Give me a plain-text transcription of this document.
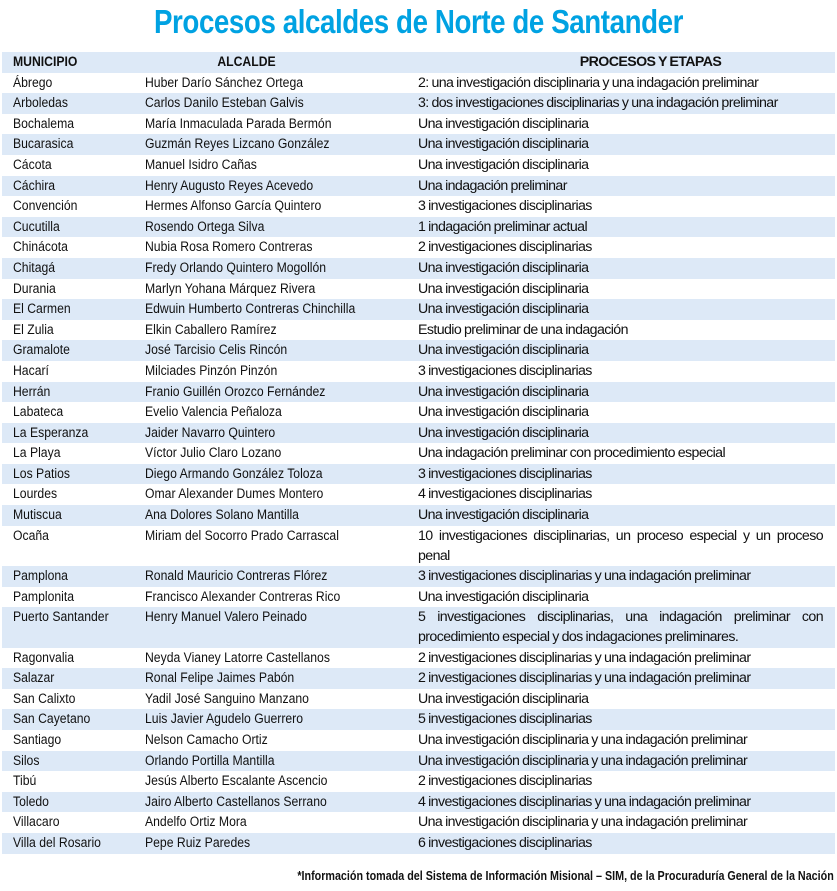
Procesos alcaldes de Norte de Santander
MUNICIPIO	ALCALDE	PROCESOS Y ETAPAS
Ábrego	Huber Darío Sánchez Ortega	2: una investigación disciplinaria y una indagación preliminar
Arboledas	Carlos Danilo Esteban Galvis	3: dos investigaciones disciplinarias y una indagación preliminar
Bochalema	María Inmaculada Parada Bermón	Una investigación disciplinaria
Bucarasica	Guzmán Reyes Lizcano González	Una investigación disciplinaria
Cácota	Manuel Isidro Cañas	Una investigación disciplinaria
Cáchira	Henry Augusto Reyes Acevedo	Una indagación preliminar
Convención	Hermes Alfonso García Quintero	3 investigaciones disciplinarias
Cucutilla	Rosendo Ortega Silva	1 indagación preliminar actual
Chinácota	Nubia Rosa Romero Contreras	2 investigaciones disciplinarias
Chitagá	Fredy Orlando Quintero Mogollón	Una investigación disciplinaria
Durania	Marlyn Yohana Márquez Rivera	Una investigación disciplinaria
El Carmen	Edwuin Humberto Contreras Chinchilla	Una investigación disciplinaria
El Zulia	Elkin Caballero Ramírez	Estudio preliminar de una indagación
Gramalote	José Tarcisio Celis Rincón	Una investigación disciplinaria
Hacarí	Milciades Pinzón Pinzón	3 investigaciones disciplinarias
Herrán	Franio Guillén Orozco Fernández	Una investigación disciplinaria
Labateca	Evelio Valencia Peñaloza	Una investigación disciplinaria
La Esperanza	Jaider Navarro Quintero	Una investigación disciplinaria
La Playa	Víctor Julio Claro Lozano	Una indagación preliminar con procedimiento especial
Los Patios	Diego Armando González Toloza	3 investigaciones disciplinarias
Lourdes	Omar Alexander Dumes Montero	4 investigaciones disciplinarias
Mutiscua	Ana Dolores Solano Mantilla	Una investigación disciplinaria
Ocaña	Miriam del Socorro Prado Carrascal	10 investigaciones disciplinarias, un proceso especial y un proceso penal
Pamplona	Ronald Mauricio Contreras Flórez	3 investigaciones disciplinarias y una indagación preliminar
Pamplonita	Francisco Alexander Contreras Rico	Una investigación disciplinaria
Puerto Santander	Henry Manuel Valero Peinado	5 investigaciones disciplinarias, una indagación preliminar con procedimiento especial y dos indagaciones preliminares.
Ragonvalia	Neyda Vianey Latorre Castellanos	2 investigaciones disciplinarias y una indagación preliminar
Salazar	Ronal Felipe Jaimes Pabón	2 investigaciones disciplinarias y una indagación preliminar
San Calixto	Yadil José Sanguino Manzano	Una investigación disciplinaria
San Cayetano	Luis Javier Agudelo Guerrero	5 investigaciones disciplinarias
Santiago	Nelson Camacho Ortiz	Una investigación disciplinaria y una indagación preliminar
Silos	Orlando Portilla Mantilla	Una investigación disciplinaria y una indagación preliminar
Tibú	Jesús Alberto Escalante Ascencio	2 investigaciones disciplinarias
Toledo	Jairo Alberto Castellanos Serrano	4 investigaciones disciplinarias y una indagación preliminar
Villacaro	Andelfo Ortiz Mora	Una investigación disciplinaria y una indagación preliminar
Villa del Rosario	Pepe Ruiz Paredes	6 investigaciones disciplinarias
*Información tomada del Sistema de Información Misional – SIM, de la Procuraduría General de la Nación
